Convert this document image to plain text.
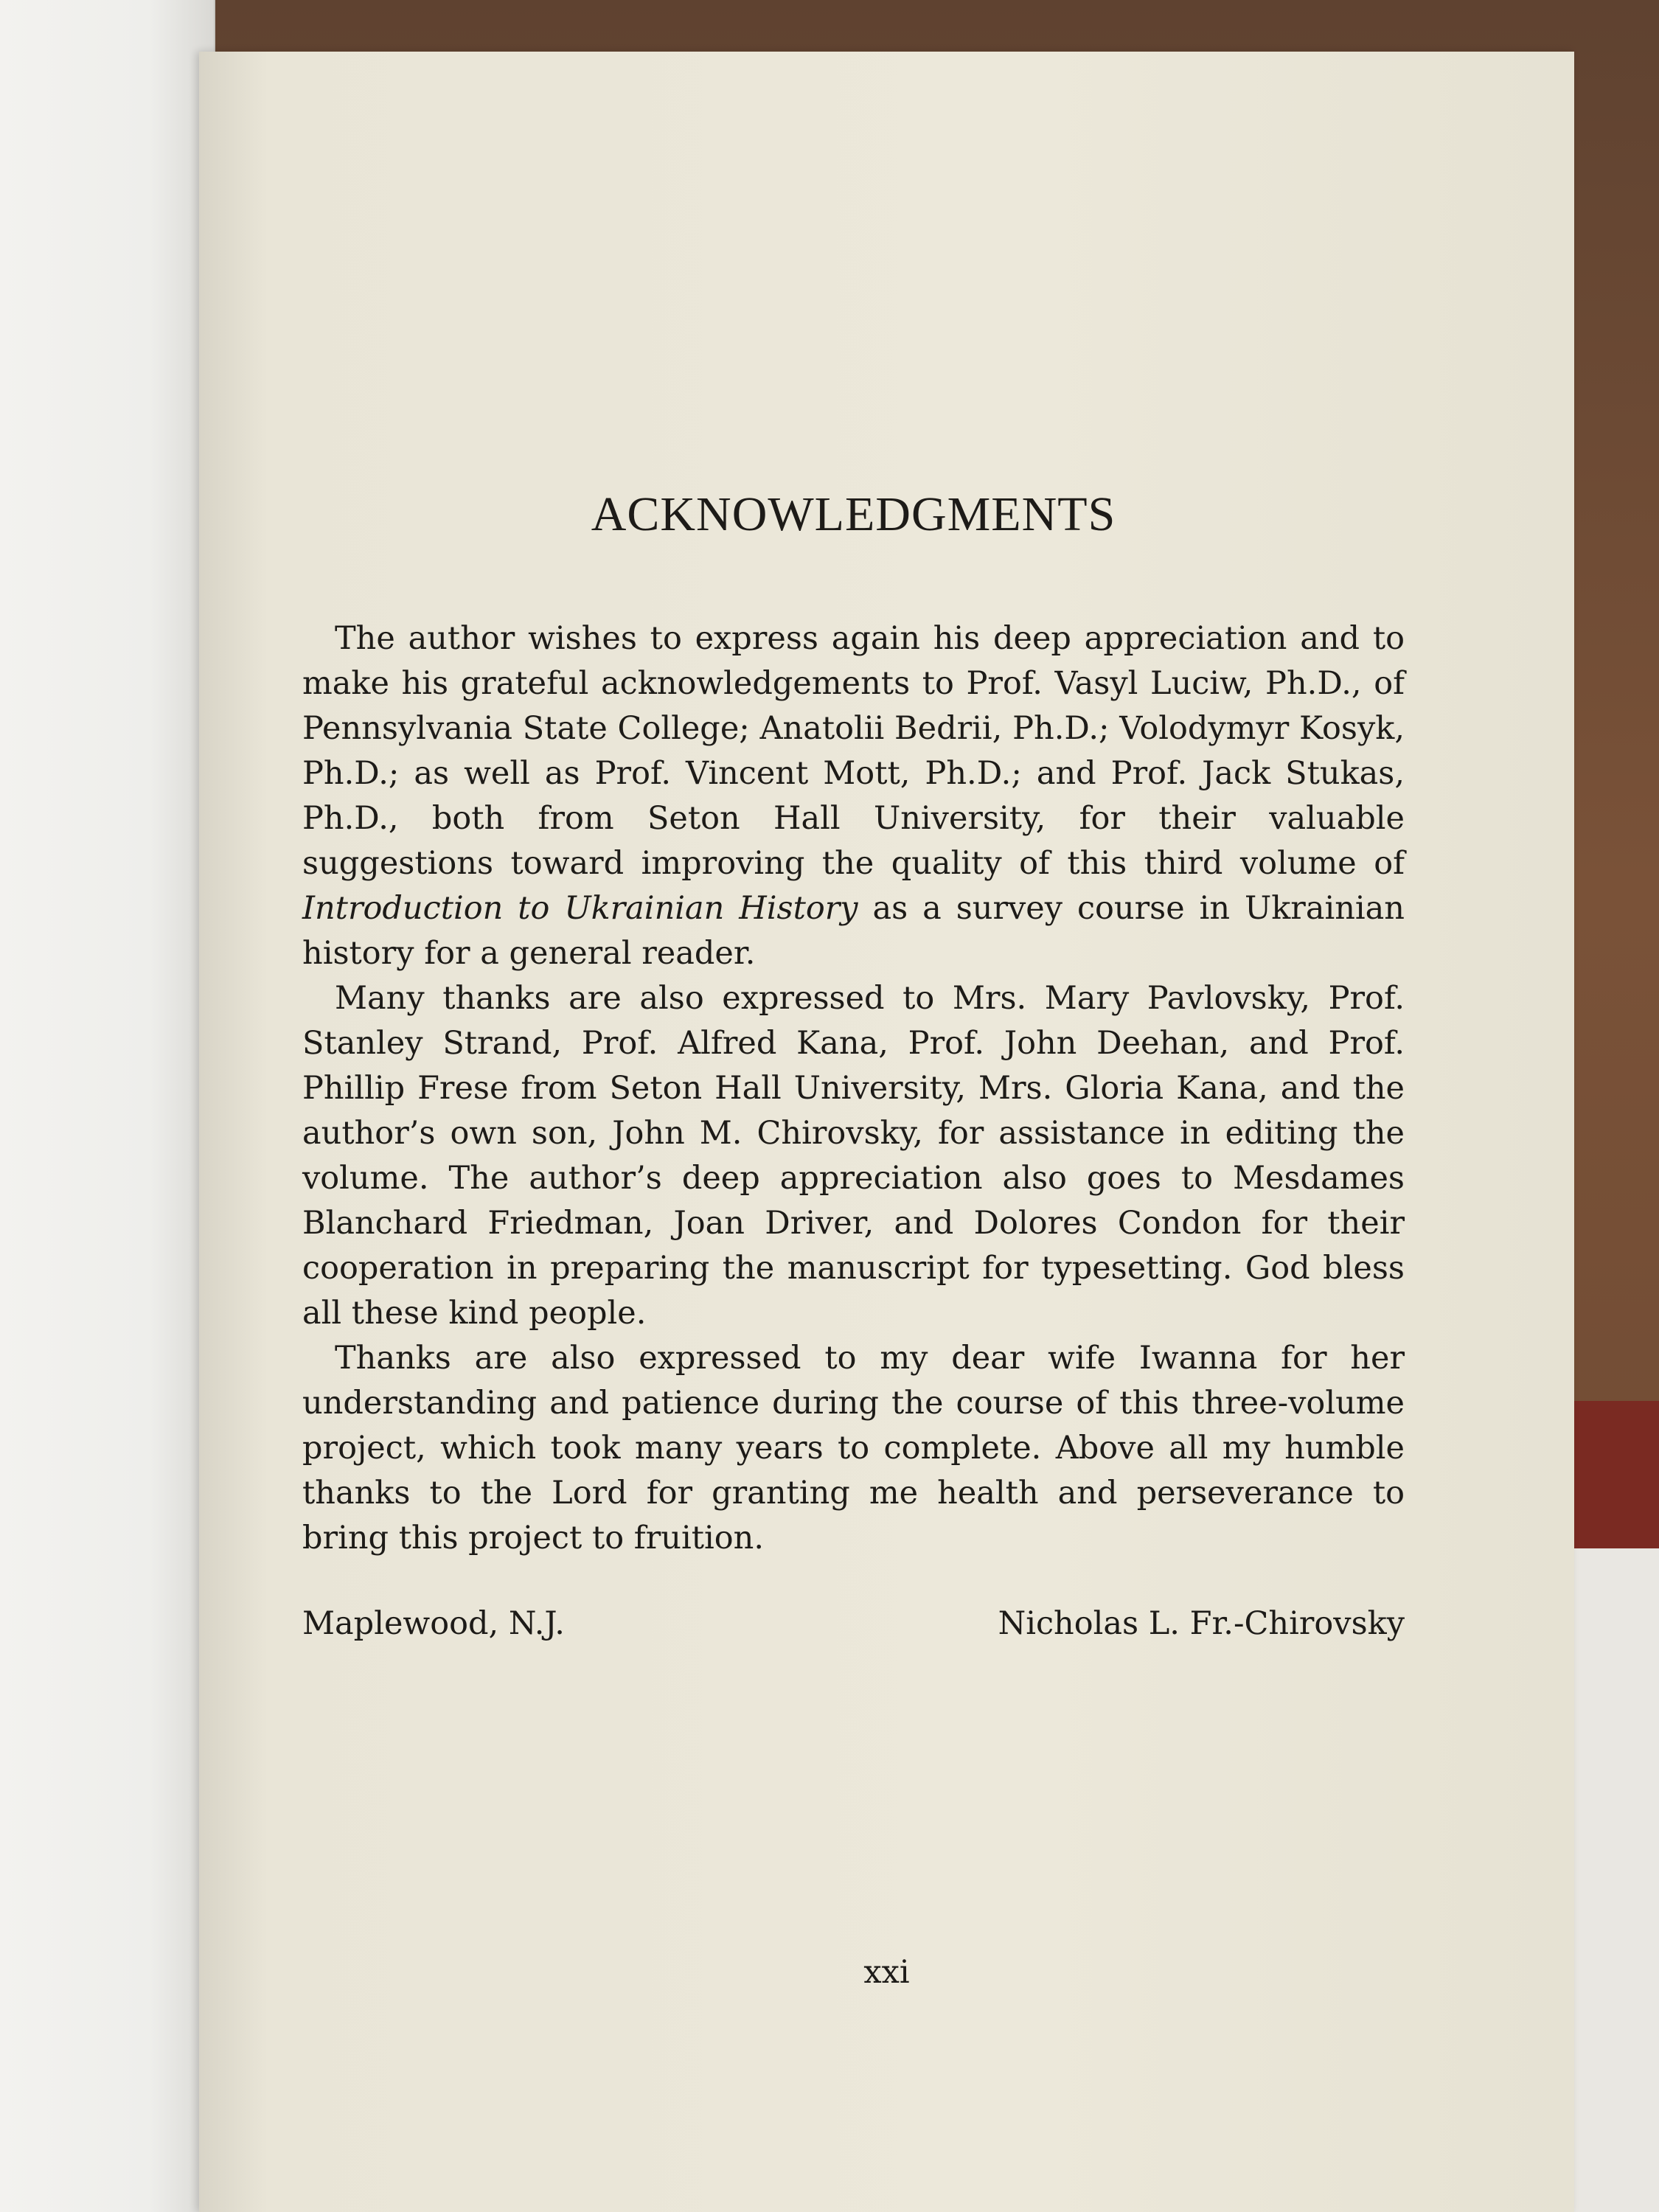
ACKNOWLEDGMENTS

The author wishes to express again his deep appreciation and to make his grateful acknowledgements to Prof. Vasyl Luciw, Ph.D., of Pennsylvania State College; Anatolii Bedrii, Ph.D.; Volodymyr Kosyk, Ph.D.; as well as Prof. Vincent Mott, Ph.D.; and Prof. Jack Stukas, Ph.D., both from Seton Hall University, for their valuable suggestions toward improving the quality of this third volume of Introduction to Ukrainian History as a survey course in Ukrainian history for a general reader.

Many thanks are also expressed to Mrs. Mary Pavlovsky, Prof. Stanley Strand, Prof. Alfred Kana, Prof. John Deehan, and Prof. Phillip Frese from Seton Hall University, Mrs. Gloria Kana, and the author’s own son, John M. Chirovsky, for assistance in editing the volume. The author’s deep appreciation also goes to Mesdames Blanchard Friedman, Joan Driver, and Dolores Condon for their cooperation in preparing the manuscript for typesetting. God bless all these kind people.

Thanks are also expressed to my dear wife Iwanna for her understanding and patience during the course of this three-volume project, which took many years to complete. Above all my humble thanks to the Lord for granting me health and perseverance to bring this project to fruition.

Maplewood, N.J.	Nicholas L. Fr.-Chirovsky
xxi
